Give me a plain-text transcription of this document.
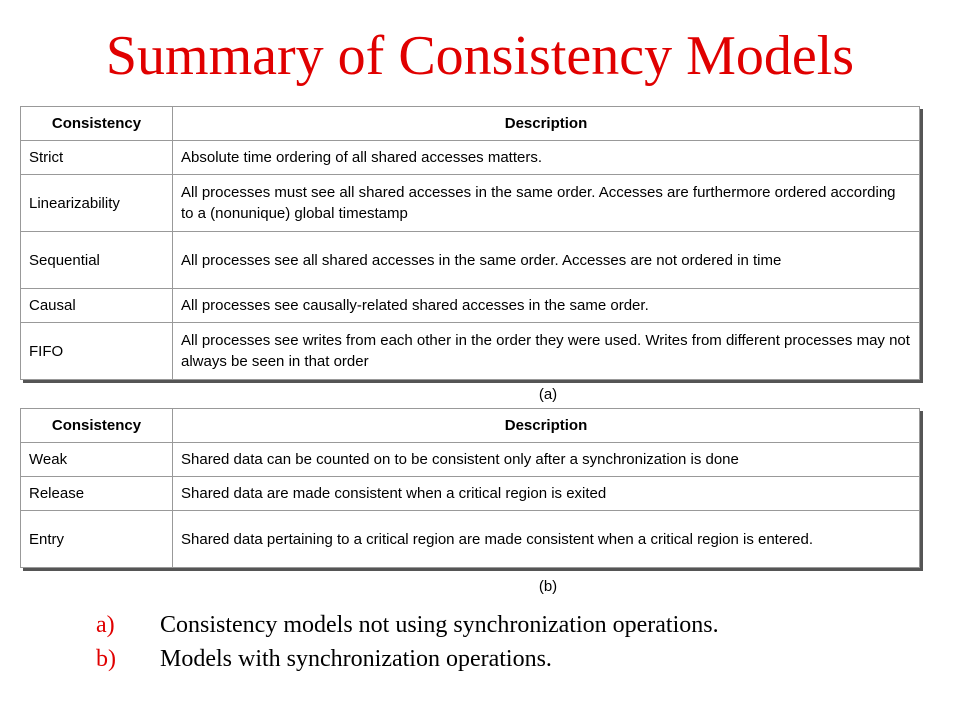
Summary of Consistency Models
Consistency	Description
Strict	Absolute time ordering of all shared accesses matters.
Linearizability	All processes must see all shared accesses in the same order. Accesses are furthermore ordered according to a (nonunique) global timestamp
Sequential	All processes see all shared accesses in the same order. Accesses are not ordered in time
Causal	All processes see causally-related shared accesses in the same order.
FIFO	All processes see writes from each other in the order they were used. Writes from different processes may not always be seen in that order
(a)
Consistency	Description
Weak	Shared data can be counted on to be consistent only after a synchronization is done
Release	Shared data are made consistent when a critical region is exited
Entry	Shared data pertaining to a critical region are made consistent when a critical region is entered.
(b)
a) Consistency models not using synchronization operations.
b) Models with synchronization operations.
